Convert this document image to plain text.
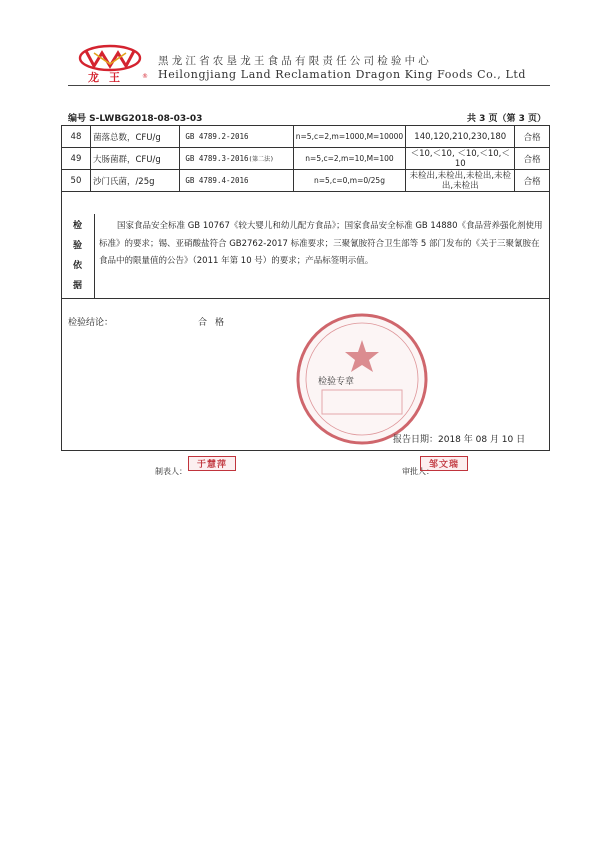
龙王 ®
黑龙江省农垦龙王食品有限责任公司检验中心
Heilongjiang Land Reclamation Dragon King Foods Co., Ltd
编号 S-LWBG2018-08-03-03	共 3 页（第 3 页）
48	菌落总数，CFU/g	GB 4789.2-2016	n=5,c=2,m=1000,M=10000	140,120,210,230,180	合格
49	大肠菌群，CFU/g	GB 4789.3-2016(第二法)	n=5,c=2,m=10,M=100	＜10,＜10, ＜10,＜10,＜10	合格
50	沙门氏菌，/25g	GB 4789.4-2016	n=5,c=0,m=0/25g	未检出,未检出,未检出,未检出,未检出	合格
检
验
依
据
国家食品安全标准 GB 10767《较大婴儿和幼儿配方食品》；国家食品安全标准 GB 14880《食品营养强化剂使用标准》的要求；锡、亚硝酸盐符合 GB2762-2017 标准要求；三聚氰胺符合卫生部等 5 部门发布的《关于三聚氰胺在食品中的限量值的公告》（2011 年第 10 号）的要求；产品标签明示值。
检验结论：	合格
检验专章
报告日期：2018 年 08 月 10 日
制表人：
于慧萍
审批人：
邹文瑞
